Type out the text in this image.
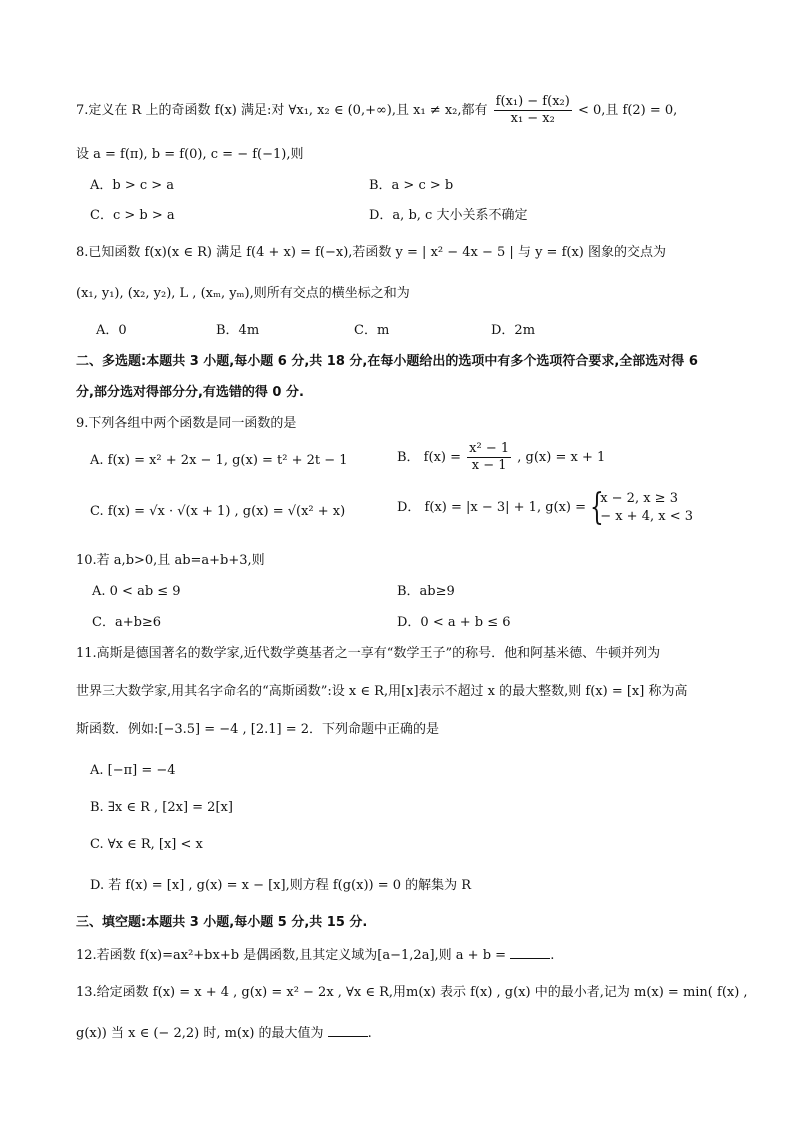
7.定义在 R 上的奇函数 f(x) 满足:对 ∀x₁, x₂ ∈ (0,+∞),且 x₁ ≠ x₂,都有 $\frac{\text{f(x₁) − f(x₂)}}{\text{x₁ − x₂}} < 0$,且 f(2) = 0,
设 a = f(π), b = f(0), c = − f(−1),则
A．b > c > a	B．a > c > b
C．c > b > a	D．a, b, c 大小关系不确定
8.已知函数 f(x)(x ∈ R) 满足 f(4 + x) = f(−x),若函数 y = | x² − 4x − 5 | 与 y = f(x) 图象的交点为
(x₁, y₁), (x₂, y₂), L , (xₘ, yₘ),则所有交点的横坐标之和为
A．0	B．4m	C．m	D．2m
二、多选题:本题共 3 小题,每小题 6 分,共 18 分,在每小题给出的选项中有多个选项符合要求,全部选对得 6
分,部分选对得部分分,有选错的得 0 分.
9.下列各组中两个函数是同一函数的是
A. f(x) = x² + 2x − 1, g(x) = t² + 2t − 1	B． $f(x) = \frac{\text{x² − 1}}{x - 1}$ , g(x) = x + 1
C. f(x) = √x · √(x + 1) , g(x) = √(x² + x)	D． f(x) = |x − 3| + 1, g(x) = {
x − 2, x ≥ 3
− x + 4, x < 3
10.若 a,b>0,且 ab=a+b+3,则
A. 0 < ab ≤ 9	B．ab≥9
C．a+b≥6	D．0 < a + b ≤ 6
11.高斯是德国著名的数学家,近代数学奠基者之一享有“数学王子”的称号．他和阿基米德、牛顿并列为
世界三大数学家,用其名字命名的“高斯函数”:设 x ∈ R,用[x]表示不超过 x 的最大整数,则 f(x) = [x] 称为高
斯函数．例如:[−3.5] = −4 , [2.1] = 2．下列命题中正确的是
A. [−π] = −4
B. ∃x ∈ R , [2x] = 2[x]
C. ∀x ∈ R, [x] < x
D. 若 f(x) = [x] , g(x) = x − [x],则方程 f(g(x)) = 0 的解集为 R
三、填空题:本题共 3 小题,每小题 5 分,共 15 分.
12.若函数 f(x)=ax²+bx+b 是偶函数,且其定义域为[a−1,2a],则 a + b =	.
13.给定函数 f(x) = x + 4 , g(x) = x² − 2x , ∀x ∈ R,用m(x) 表示 f(x) , g(x) 中的最小者,记为 m(x) = min( f(x) ,
g(x)) 当 x ∈ (− 2,2) 时, m(x) 的最大值为	.
